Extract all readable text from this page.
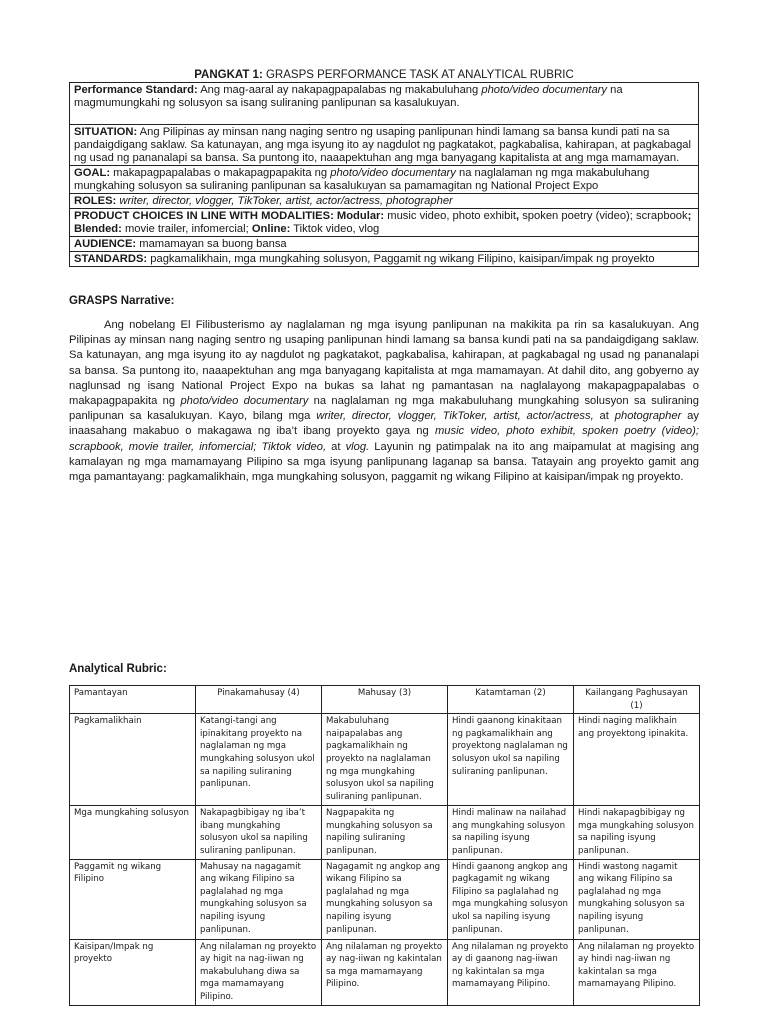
PANGKAT 1: GRASPS PERFORMANCE TASK AT ANALYTICAL RUBRIC
Performance Standard: Ang mag-aaral ay nakapagpapalabas ng makabuluhang photo/video documentary na magmumungkahi ng solusyon sa isang suliraning panlipunan sa kasalukuyan.
SITUATION: Ang Pilipinas ay minsan nang naging sentro ng usaping panlipunan hindi lamang sa bansa kundi pati na sa pandaigdigang saklaw. Sa katunayan, ang mga isyung ito ay nagdulot ng pagkatakot, pagkabalisa, kahirapan, at pagkabagal ng usad ng pananalapi sa bansa. Sa puntong ito, naaapektuhan ang mga banyagang kapitalista at ang mga mamamayan.
GOAL: makapagpapalabas o makapagpapakita ng photo/video documentary na naglalaman ng mga makabuluhang mungkahing solusyon sa suliraning panlipunan sa kasalukuyan sa pamamagitan ng National Project Expo
ROLES: writer, director, vlogger, TikToker, artist, actor/actress, photographer
PRODUCT CHOICES IN LINE WITH MODALITIES: Modular: music video, photo exhibit, spoken poetry (video); scrapbook; Blended: movie trailer, infomercial; Online: Tiktok video, vlog
AUDIENCE: mamamayan sa buong bansa
STANDARDS: pagkamalikhain, mga mungkahing solusyon, Paggamit ng wikang Filipino, kaisipan/impak ng proyekto
GRASPS Narrative:

Ang nobelang El Filibusterismo ay naglalaman ng mga isyung panlipunan na makikita pa rin sa kasalukuyan. Ang Pilipinas ay minsan nang naging sentro ng usaping panlipunan hindi lamang sa bansa kundi pati na sa pandaigdigang saklaw. Sa katunayan, ang mga isyung ito ay nagdulot ng pagkatakot, pagkabalisa, kahirapan, at pagkabagal ng usad ng pananalapi sa bansa. Sa puntong ito, naaapektuhan ang mga banyagang kapitalista at mga mamamayan. At dahil dito, ang gobyerno ay naglunsad ng isang National Project Expo na bukas sa lahat ng pamantasan na naglalayong makapagpapalabas o makapagpapakita ng photo/video documentary na naglalaman ng mga makabuluhang mungkahing solusyon sa suliraning panlipunan sa kasalukuyan. Kayo, bilang mga writer, director, vlogger, TikToker, artist, actor/actress, at photographer ay inaasahang makabuo o makagawa ng iba’t ibang proyekto gaya ng music video, photo exhibit, spoken poetry (video); scrapbook, movie trailer, infomercial; Tiktok video, at vlog. Layunin ng patimpalak na ito ang maipamulat at magising ang kamalayan ng mga mamamayang Pilipino sa mga isyung panlipunang laganap sa bansa. Tatayain ang proyekto gamit ang mga pamantayang: pagkamalikhain, mga mungkahing solusyon, paggamit ng wikang Filipino at kaisipan/impak ng proyekto.

Analytical Rubric:
Pamantayan	Pinakamahusay (4)	Mahusay (3)	Katamtaman (2)	Kailangang Paghusayan (1)
Pagkamalikhain	Katangi-tangi ang ipinakitang proyekto na naglalaman ng mga mungkahing solusyon ukol sa napiling suliraning panlipunan.	Makabuluhang naipapalabas ang pagkamalikhain ng proyekto na naglalaman ng mga mungkahing solusyon ukol sa napiling suliraning panlipunan.	Hindi gaanong kinakitaan ng pagkamalikhain ang proyektong naglalaman ng solusyon ukol sa napiling suliraning panlipunan.	Hindi naging malikhain ang proyektong ipinakita.
Mga mungkahing solusyon	Nakapagbibigay ng iba’t ibang mungkahing solusyon ukol sa napiling suliraning panlipunan.	Nagpapakita ng mungkahing solusyon sa napiling suliraning panlipunan.	Hindi malinaw na nailahad ang mungkahing solusyon sa napiling isyung panlipunan.	Hindi nakapagbibigay ng mga mungkahing solusyon sa napiling isyung panlipunan.
Paggamit ng wikang Filipino	Mahusay na nagagamit ang wikang Filipino sa paglalahad ng mga mungkahing solusyon sa napiling isyung panlipunan.	Nagagamit ng angkop ang wikang Filipino sa paglalahad ng mga mungkahing solusyon sa napiling isyung panlipunan.	Hindi gaanong angkop ang pagkagamit ng wikang Filipino sa paglalahad ng mga mungkahing solusyon ukol sa napiling isyung panlipunan.	Hindi wastong nagamit ang wikang Filipino sa paglalahad ng mga mungkahing solusyon sa napiling isyung panlipunan.
Kaisipan/Impak ng proyekto	Ang nilalaman ng proyekto ay higit na nag-iiwan ng makabuluhang diwa sa mga mamamayang Pilipino.	Ang nilalaman ng proyekto ay nag-iiwan ng kakintalan sa mga mamamayang Pilipino.	Ang nilalaman ng proyekto ay di gaanong nag-iiwan ng kakintalan sa mga mamamayang Pilipino.	Ang nilalaman ng proyekto ay hindi nag-iiwan ng kakintalan sa mga mamamayang Pilipino.
